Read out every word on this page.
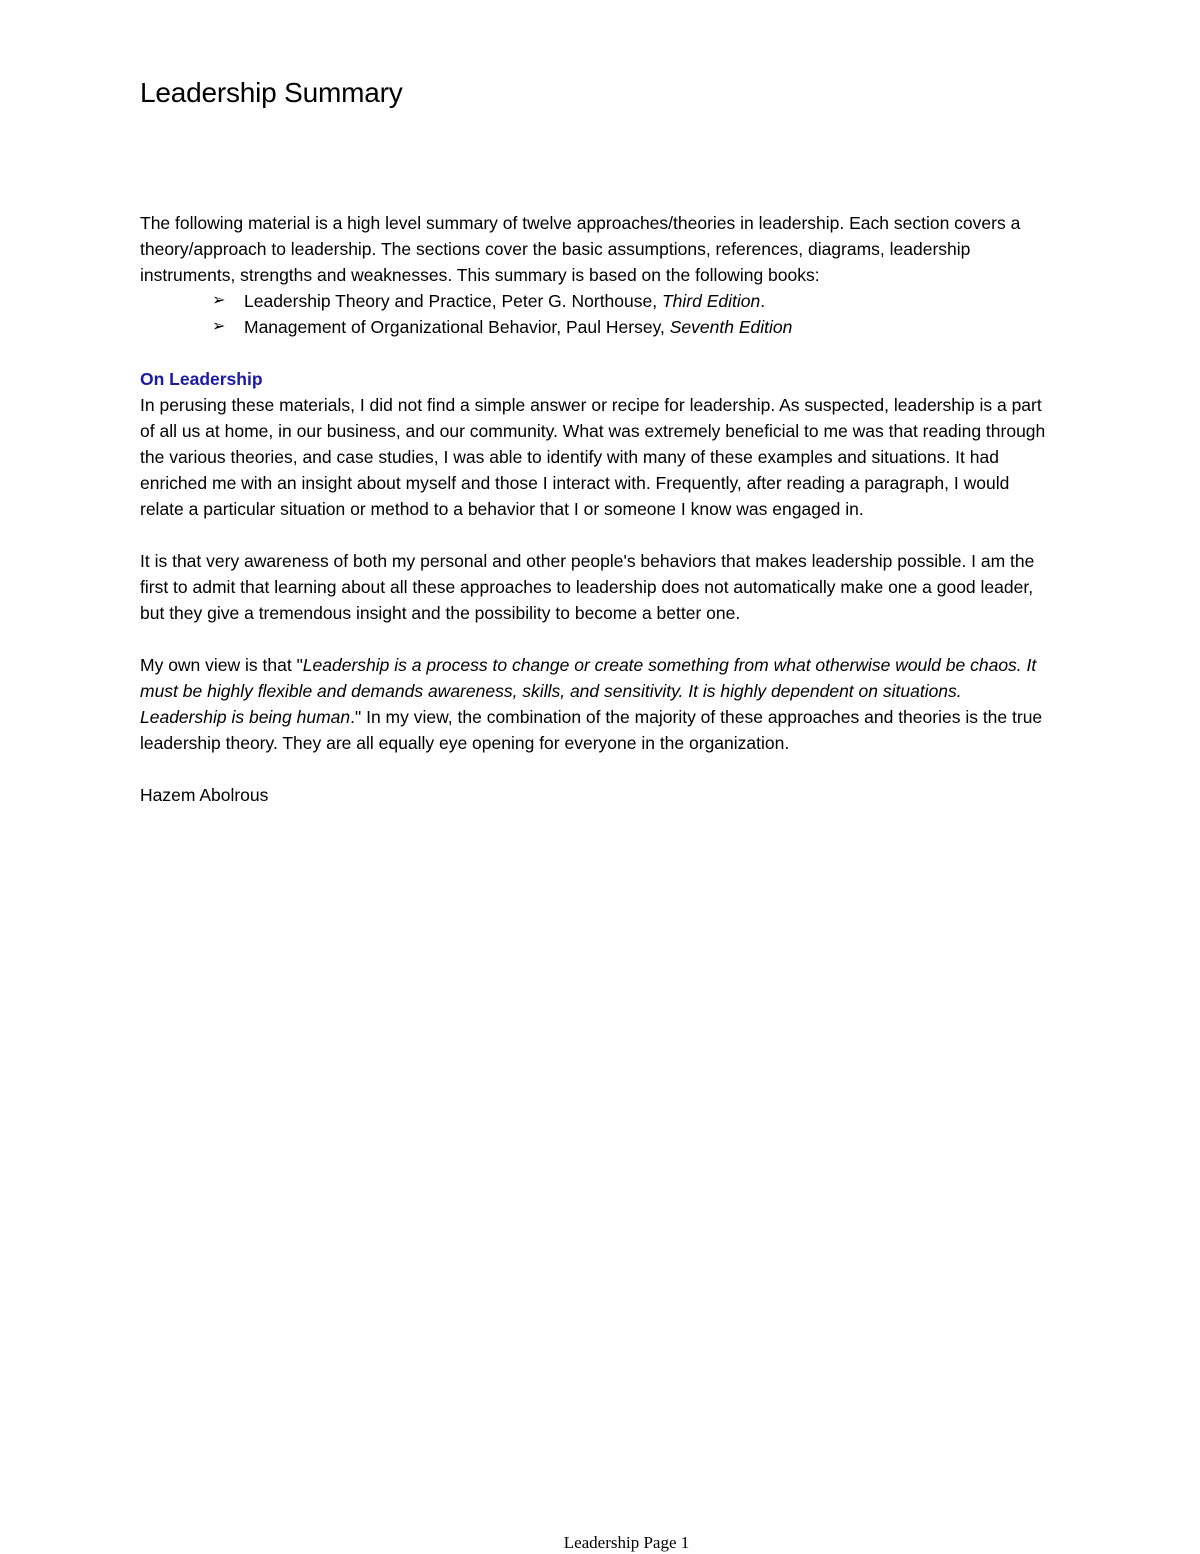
Leadership Summary

The following material is a high level summary of twelve approaches/theories in leadership. Each section covers a theory/approach to leadership. The sections cover the basic assumptions, references, diagrams, leadership instruments, strengths and weaknesses. This summary is based on the following books:

➢ Leadership Theory and Practice, Peter G. Northouse, Third Edition.
➢ Management of Organizational Behavior, Paul Hersey, Seventh Edition

On Leadership

In perusing these materials, I did not find a simple answer or recipe for leadership. As suspected, leadership is a part of all us at home, in our business, and our community. What was extremely beneficial to me was that reading through the various theories, and case studies, I was able to identify with many of these examples and situations. It had enriched me with an insight about myself and those I interact with. Frequently, after reading a paragraph, I would relate a particular situation or method to a behavior that I or someone I know was engaged in.

It is that very awareness of both my personal and other people's behaviors that makes leadership possible. I am the first to admit that learning about all these approaches to leadership does not automatically make one a good leader, but they give a tremendous insight and the possibility to become a better one.

My own view is that "Leadership is a process to change or create something from what otherwise would be chaos. It must be highly flexible and demands awareness, skills, and sensitivity. It is highly dependent on situations. Leadership is being human." In my view, the combination of the majority of these approaches and theories is the true leadership theory. They are all equally eye opening for everyone in the organization.

Hazem Abolrous

Leadership Page 1
